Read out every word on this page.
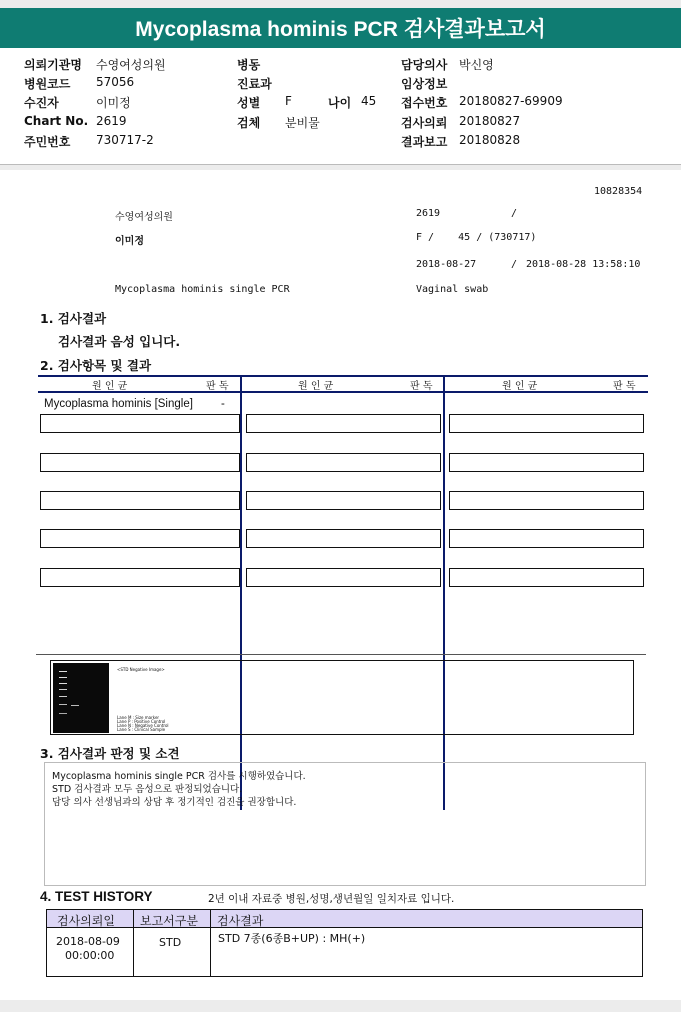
Mycoplasma hominis PCR 검사결과보고서
의뢰기관명 수영여성의원
병원코드 57056
수진자	이미정
Chart No. 2619
주민번호 730717-2
병동
진료과
성별 F	나이 45
검체 분비물
담당의사 박신영
임상정보
접수번호 20180827-69909
검사의뢰 20180827
결과보고 20180828
10828354
수영여성의원	2619	/
이미정	F /    45 / (730717)
2018-08-27	/ 2018-08-28 13:58:10
Mycoplasma hominis single PCR	Vaginal swab
1. 검사결과
검사결과 음성 입니다.
2. 검사항목 및 결과
원 인 균	판 독	원 인 균	판 독	원 인 균	판 독
Mycoplasma hominis [Single] -
<STD Negative Image>
Lane M : Size marker
Lane P : Positive Control
Lane N : Negative Control
Lane S : Clinical Sample
3. 검사결과 판정 및 소견
Mycoplasma hominis single PCR 검사를 시행하였습니다.
STD 검사결과 모두 음성으로 판정되었습니다.
담당 의사 선생님과의 상담 후 정기적인 검진을 권장합니다.
4. TEST HISTORY	2년 이내 자료중 병원,성명,생년월일 일치자료 입니다.
검사의뢰일 보고서구분 검사결과
2018-08-09
00:00:00
STD	STD 7종(6종B+UP) : MH(+)
